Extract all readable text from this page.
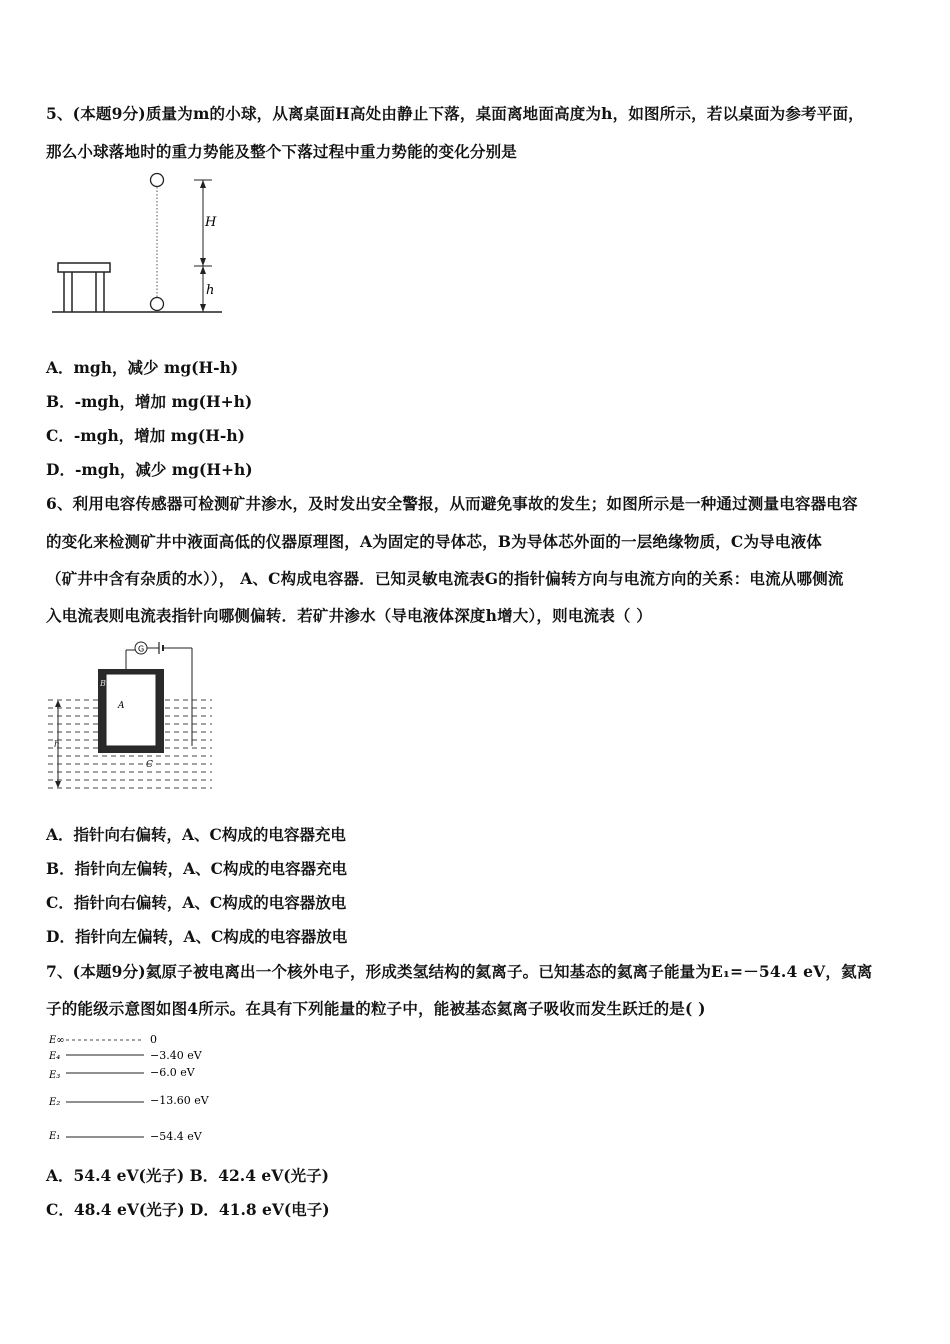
5、(本题9分)质量为m的小球，从离桌面H高处由静止下落，桌面离地面高度为h，如图所示，若以桌面为参考平面，
那么小球落地时的重力势能及整个下落过程中重力势能的变化分别是
H
h
A．mgh，减少 mg(H-h)
B．-mgh，增加 mg(H+h)
C．-mgh，增加 mg(H-h)
D．-mgh，减少 mg(H+h)
6、利用电容传感器可检测矿井渗水，及时发出安全警报，从而避免事故的发生；如图所示是一种通过测量电容器电容
的变化来检测矿井中液面高低的仪器原理图，A为固定的导体芯，B为导体芯外面的一层绝缘物质，C为导电液体
（矿井中含有杂质的水））， A、C构成电容器．已知灵敏电流表G的指针偏转方向与电流方向的关系：电流从哪侧流
入电流表则电流表指针向哪侧偏转．若矿井渗水（导电液体深度h增大），则电流表（ ）
G
h
A
B
C
A．指针向右偏转，A、C构成的电容器充电
B．指针向左偏转，A、C构成的电容器充电
C．指针向右偏转，A、C构成的电容器放电
D．指针向左偏转，A、C构成的电容器放电
7、(本题9分)氦原子被电离出一个核外电子，形成类氢结构的氦离子。已知基态的氦离子能量为E₁=－54.4 eV，氦离
子的能级示意图如图4所示。在具有下列能量的粒子中，能被基态氦离子吸收而发生跃迁的是( )
E∞	0
E₄	−3.40 eV
E₃	−6.0 eV
E₂	−13.60 eV
E₁	−54.4 eV
A．54.4 eV(光子) B．42.4 eV(光子)
C．48.4 eV(光子) D．41.8 eV(电子)
